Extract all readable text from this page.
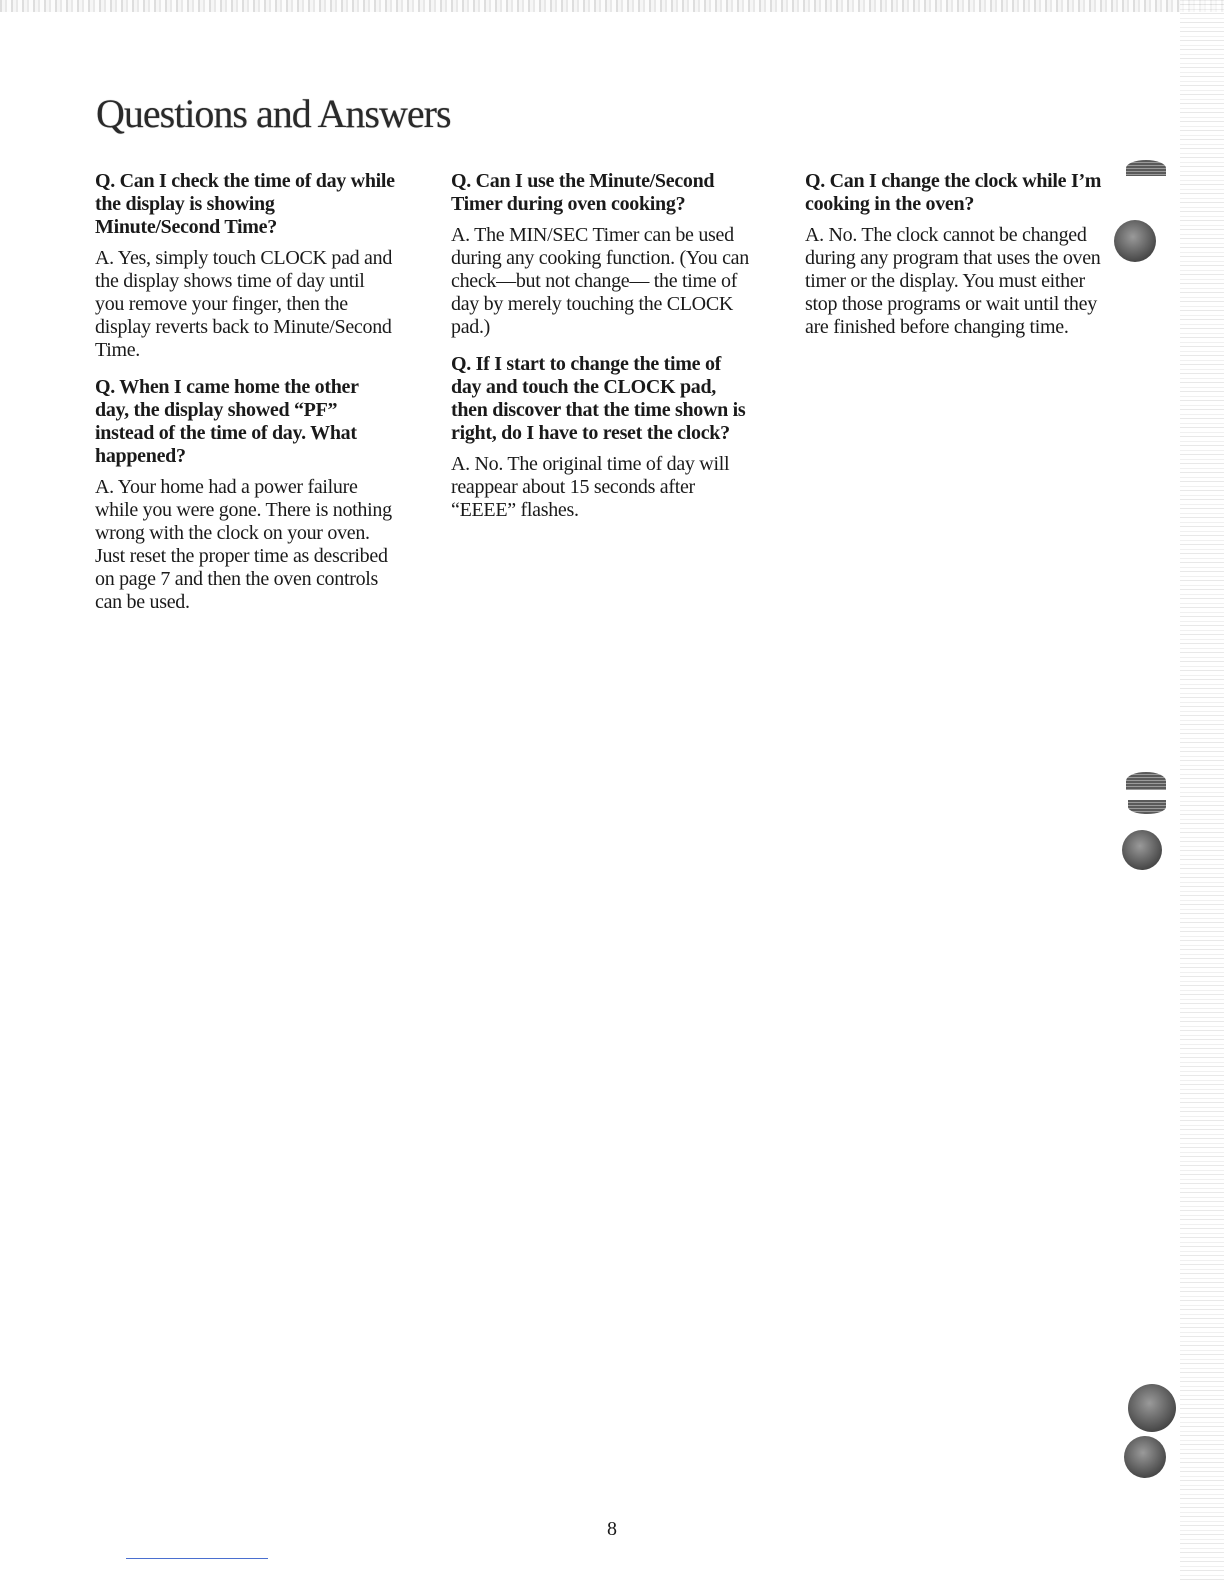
Questions and Answers

Q. Can I check the time of day while the display is showing Minute/Second Time?

A. Yes, simply touch CLOCK pad and the display shows time of day until you remove your finger, then the display reverts back to Minute/Second Time.

Q. When I came home the other day, the display showed “PF” instead of the time of day. What happened?

A. Your home had a power failure while you were gone. There is nothing wrong with the clock on your oven. Just reset the proper time as described on page 7 and then the oven controls can be used.

Q. Can I use the Minute/Second Timer during oven cooking?

A. The MIN/SEC Timer can be used during any cooking function. (You can check—but not change— the time of day by merely touching the CLOCK pad.)

Q. If I start to change the time of day and touch the CLOCK pad, then discover that the time shown is right, do I have to reset the clock?

A. No. The original time of day will reappear about 15 seconds after “EEEE” flashes.

Q. Can I change the clock while I’m cooking in the oven?

A. No. The clock cannot be changed during any program that uses the oven timer or the display. You must either stop those programs or wait until they are finished before changing time.

8
